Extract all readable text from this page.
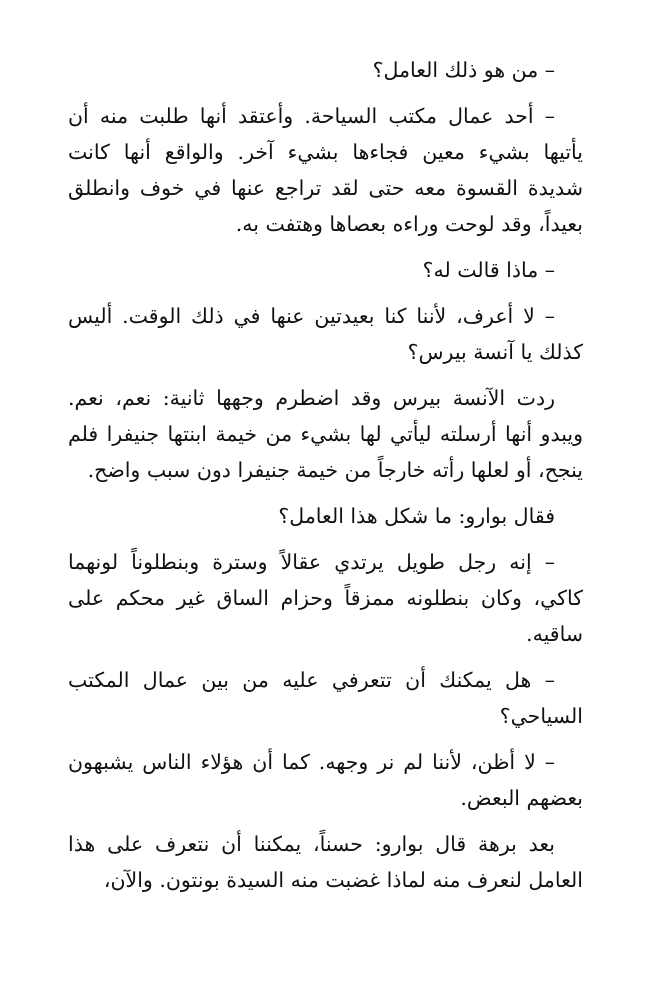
– من هو ذلك العامل؟

– أحد عمال مكتب السياحة. وأعتقد أنها طلبت منه أن يأتيها بشيء معين فجاءها بشيء آخر. والواقع أنها كانت شديدة القسوة معه حتى لقد تراجع عنها في خوف وانطلق بعيداً، وقد لوحت وراءه بعصاها وهتفت به.

– ماذا قالت له؟

– لا أعرف، لأننا كنا بعيدتين عنها في ذلك الوقت. أليس كذلك يا آنسة بيرس؟

ردت الآنسة بيرس وقد اضطرم وجهها ثانية: نعم، نعم. ويبدو أنها أرسلته ليأتي لها بشيء من خيمة ابنتها جنيفرا فلم ينجح، أو لعلها رأته خارجاً من خيمة جنيفرا دون سبب واضح.

فقال بوارو: ما شكل هذا العامل؟

– إنه رجل طويل يرتدي عقالاً وسترة وبنطلوناً لونهما كاكي، وكان بنطلونه ممزقاً وحزام الساق غير محكم على ساقيه.

– هل يمكنك أن تتعرفي عليه من بين عمال المكتب السياحي؟

– لا أظن، لأننا لم نر وجهه. كما أن هؤلاء الناس يشبهون بعضهم البعض.

بعد برهة قال بوارو: حسناً، يمكننا أن نتعرف على هذا العامل لنعرف منه لماذا غضبت منه السيدة بونتون. والآن،
